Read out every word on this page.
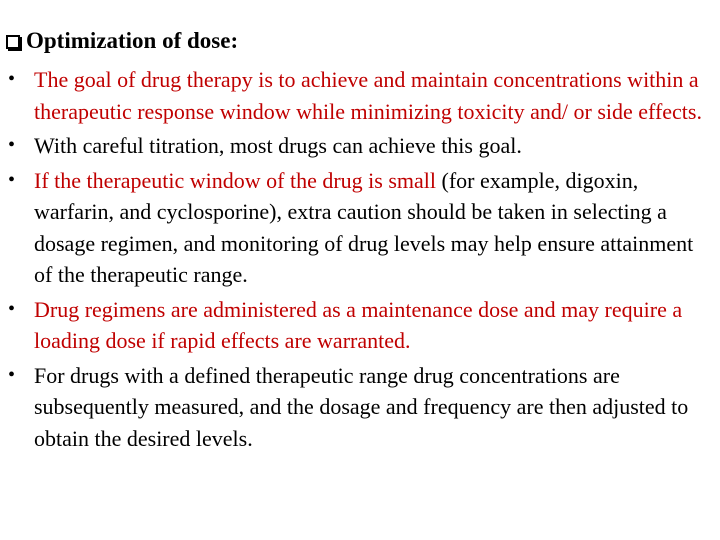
Optimization of dose:
• The goal of drug therapy is to achieve and maintain concentrations within a therapeutic response window while minimizing toxicity and/ or side effects.
• With careful titration, most drugs can achieve this goal.
• If the therapeutic window of the drug is small (for example, digoxin, warfarin, and cyclosporine), extra caution should be taken in selecting a dosage regimen, and monitoring of drug levels may help ensure attainment of the therapeutic range.
• Drug regimens are administered as a maintenance dose and may require a loading dose if rapid effects are warranted.
• For drugs with a defined therapeutic range drug concentrations are subsequently measured, and the dosage and frequency are then adjusted to obtain the desired levels.
